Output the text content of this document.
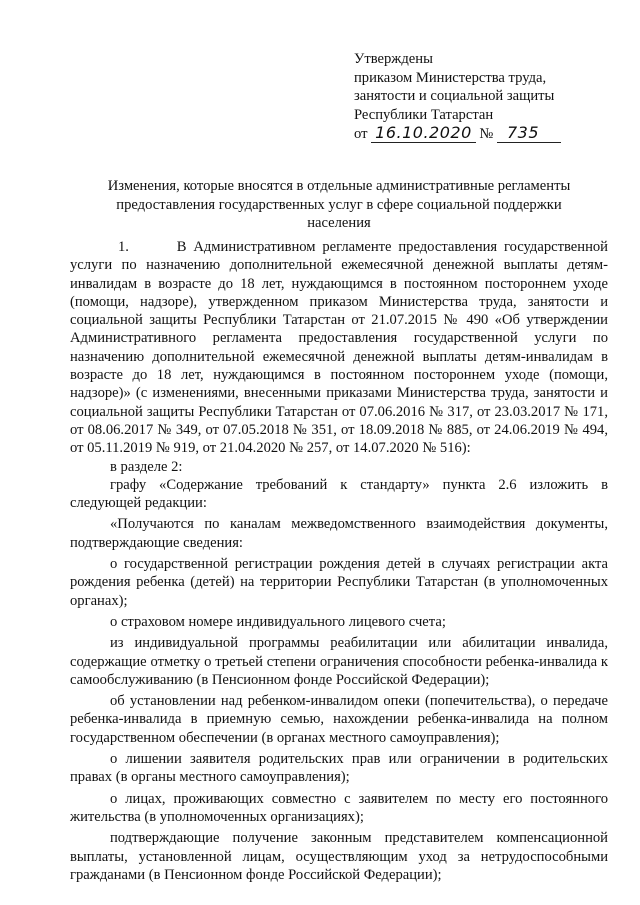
Утверждены
приказом Министерства труда,
занятости и социальной защиты
Республики Татарстан
от 16.10.2020 № 735
Изменения, которые вносятся в отдельные административные регламенты
предоставления государственных услуг в сфере социальной поддержки
населения

1.       В Административном регламенте предоставления государственной услуги по назначению дополнительной ежемесячной денежной выплаты детям-инвалидам в возрасте до 18 лет, нуждающимся в постоянном постороннем уходе (помощи, надзоре), утвержденном приказом Министерства труда, занятости и социальной защиты Республики Татарстан от 21.07.2015 № 490 «Об утверждении Административного регламента предоставления государственной услуги по назначению дополнительной ежемесячной денежной выплаты детям-инвалидам в возрасте до 18 лет, нуждающимся в постоянном постороннем уходе (помощи, надзоре)» (с изменениями, внесенными приказами Министерства труда, занятости и социальной защиты Республики Татарстан от 07.06.2016 № 317, от 23.03.2017 № 171, от 08.06.2017 № 349, от 07.05.2018 № 351, от 18.09.2018 № 885, от 24.06.2019 № 494, от 05.11.2019 № 919, от 21.04.2020 № 257, от 14.07.2020 № 516):

в разделе 2:

графу «Содержание требований к стандарту» пункта 2.6 изложить в следующей редакции:

«Получаются по каналам межведомственного взаимодействия документы, подтверждающие сведения:

о государственной регистрации рождения детей в случаях регистрации акта рождения ребенка (детей) на территории Республики Татарстан (в уполномоченных органах);

о страховом номере индивидуального лицевого счета;

из индивидуальной программы реабилитации или абилитации инвалида, содержащие отметку о третьей степени ограничения способности ребенка-инвалида к самообслуживанию (в Пенсионном фонде Российской Федерации);

об установлении над ребенком-инвалидом опеки (попечительства), о передаче ребенка-инвалида в приемную семью, нахождении ребенка-инвалида на полном государственном обеспечении (в органах местного самоуправления);

о лишении заявителя родительских прав или ограничении в родительских правах (в органы местного самоуправления);

о лицах, проживающих совместно с заявителем по месту его постоянного жительства (в уполномоченных организациях);

подтверждающие получение законным представителем компенсационной выплаты, установленной лицам, осуществляющим уход за нетрудоспособными гражданами (в Пенсионном фонде Российской Федерации);
